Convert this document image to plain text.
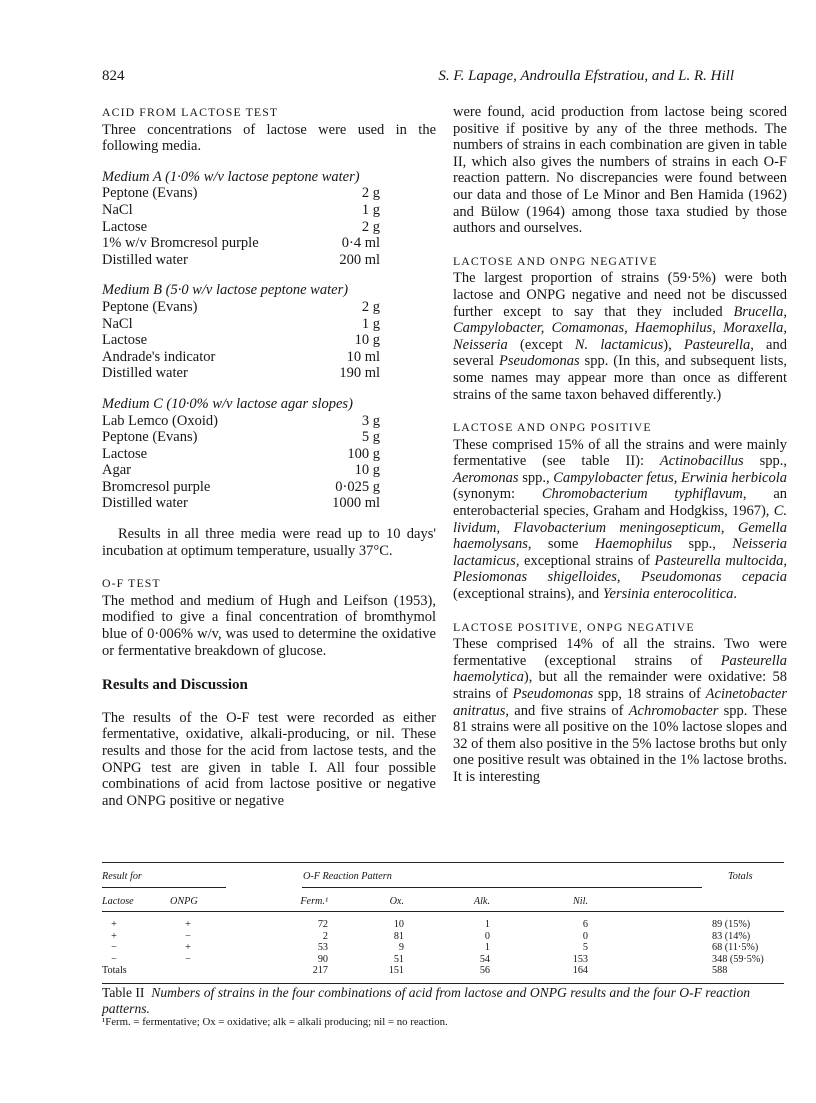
824	S. F. Lapage, Androulla Efstratiou, and L. R. Hill
ACID FROM LACTOSE TEST
Three concentrations of lactose were used in the following media.
Medium A (1·0% w/v lactose peptone water)
Peptone (Evans)	2 g
NaCl	1 g
Lactose	2 g
1% w/v Bromcresol purple	0·4 ml
Distilled water	200 ml
Medium B (5·0 w/v lactose peptone water)
Peptone (Evans)	2 g
NaCl	1 g
Lactose	10 g
Andrade's indicator	10 ml
Distilled water	190 ml
Medium C (10·0% w/v lactose agar slopes)
Lab Lemco (Oxoid)	3 g
Peptone (Evans)	5 g
Lactose	100 g
Agar	10 g
Bromcresol purple	0·025 g
Distilled water	1000 ml
Results in all three media were read up to 10 days' incubation at optimum temperature, usually 37°C.
O-F TEST
The method and medium of Hugh and Leifson (1953), modified to give a final concentration of bromthymol blue of 0·006% w/v, was used to determine the oxidative or fermentative breakdown of glucose.
Results and Discussion
The results of the O-F test were recorded as either fermentative, oxidative, alkali-producing, or nil. These results and those for the acid from lactose tests, and the ONPG test are given in table I. All four possible combinations of acid from lactose positive or negative and ONPG positive or negative
were found, acid production from lactose being scored positive if positive by any of the three methods. The numbers of strains in each combination are given in table II, which also gives the numbers of strains in each O-F reaction pattern. No discrepancies were found between our data and those of Le Minor and Ben Hamida (1962) and Bülow (1964) among those taxa studied by those authors and ourselves.
LACTOSE AND ONPG NEGATIVE
The largest proportion of strains (59·5%) were both lactose and ONPG negative and need not be discussed further except to say that they included Brucella, Campylobacter, Comamonas, Haemophilus, Moraxella, Neisseria (except N. lactamicus), Pasteurella, and several Pseudomonas spp. (In this, and subsequent lists, some names may appear more than once as different strains of the same taxon behaved differently.)
LACTOSE AND ONPG POSITIVE
These comprised 15% of all the strains and were mainly fermentative (see table II): Actinobacillus spp., Aeromonas spp., Campylobacter fetus, Erwinia herbicola (synonym: Chromobacterium typhiflavum, an enterobacterial species, Graham and Hodgkiss, 1967), C. lividum, Flavobacterium meningosepticum, Gemella haemolysans, some Haemophilus spp., Neisseria lactamicus, exceptional strains of Pasteurella multocida, Plesiomonas shigelloides, Pseudomonas cepacia (exceptional strains), and Yersinia enterocolitica.
LACTOSE POSITIVE, ONPG NEGATIVE
These comprised 14% of all the strains. Two were fermentative (exceptional strains of Pasteurella haemolytica), but all the remainder were oxidative: 58 strains of Pseudomonas spp, 18 strains of Acinetobacter anitratus, and five strains of Achromobacter spp. These 81 strains were all positive on the 10% lactose slopes and 32 of them also positive in the 5% lactose broths but only one positive result was obtained in the 1% lactose broths. It is interesting
Result for	O-F Reaction Pattern	Totals
Lactose	ONPG	Ferm.¹	Ox.	Alk.	Nil.
+	+	72	10	1	6	89 (15%)
+	−	2	81	0	0	83 (14%)
−	+	53	9	1	5	68 (11·5%)
−	−	90	51	54	153	348 (59·5%)
Totals	217	151	56	164	588
Table II Numbers of strains in the four combinations of acid from lactose and ONPG results and the four O-F reaction patterns.
¹Ferm. = fermentative; Ox = oxidative; alk = alkali producing; nil = no reaction.
